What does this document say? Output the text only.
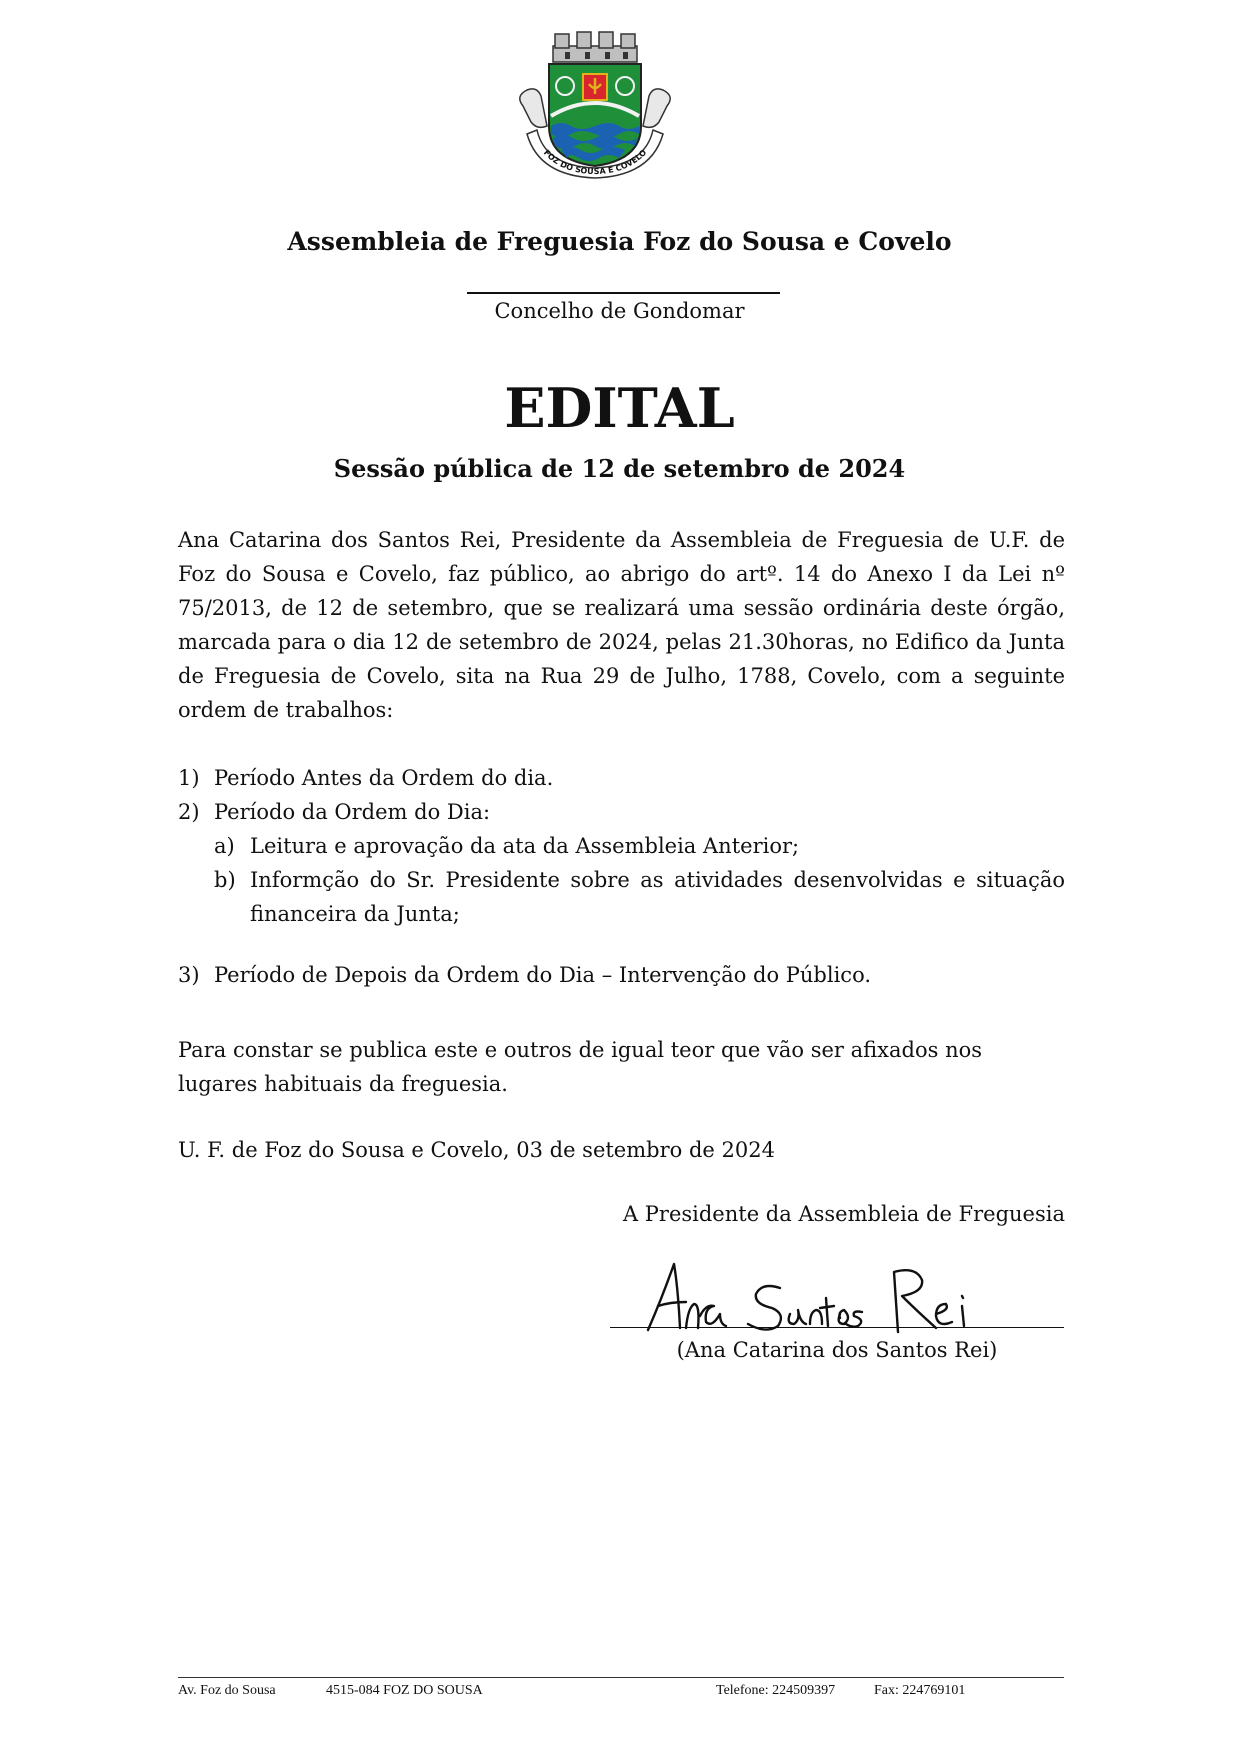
FOZ DO SOUSA E COVELO
Assembleia de Freguesia Foz do Sousa e Covelo
Concelho de Gondomar
EDITAL
Sessão pública de 12 de setembro de 2024
Ana Catarina dos Santos Rei, Presidente da Assembleia de Freguesia de U.F. de Foz do Sousa e Covelo, faz público, ao abrigo do artº. 14 do Anexo I da Lei nº 75/2013, de 12 de setembro, que se realizará uma sessão ordinária deste órgão, marcada para o dia 12 de setembro de 2024, pelas 21.30horas, no Edifico da Junta de Freguesia de Covelo, sita na Rua 29 de Julho, 1788, Covelo, com a seguinte ordem de trabalhos:
1) Período Antes da Ordem do dia.
2) Período da Ordem do Dia:
a) Leitura e aprovação da ata da Assembleia Anterior;
b) Informção do Sr. Presidente sobre as atividades desenvolvidas e situação financeira da Junta;
3) Período de Depois da Ordem do Dia – Intervenção do Público.
Para constar se publica este e outros de igual teor que vão ser afixados nos lugares habituais da freguesia.
U. F. de Foz do Sousa e Covelo, 03 de setembro de 2024
A Presidente da Assembleia de Freguesia
(Ana Catarina dos Santos Rei)
Av. Foz do Sousa	4515-084 FOZ DO SOUSA	Telefone: 224509397	Fax: 224769101
